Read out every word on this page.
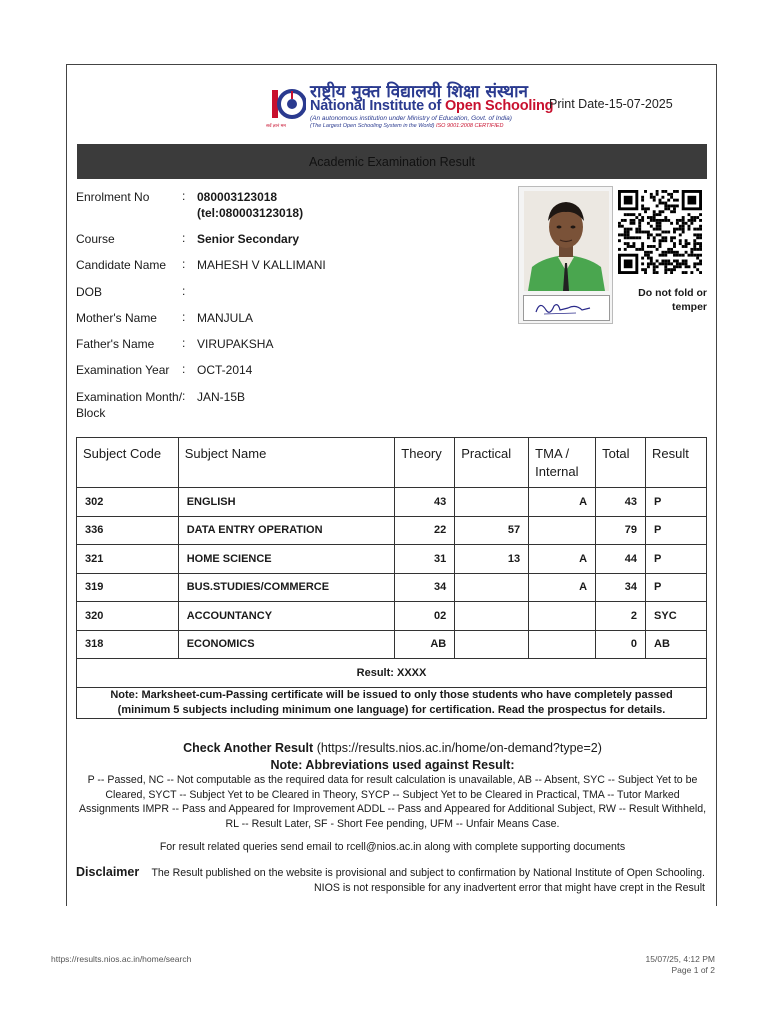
राष्ट्रीय मुक्त विद्यालयी शिक्षा संस्थान
National Institute of Open Schooling
(An autonomous institution under Ministry of Education, Govt. of India)
(The Largest Open Schooling System in the World) ISO 9001:2008 CERTIFIED
सर्वं ज्ञानं मम
Print Date-15-07-2025
Academic Examination Result
Enrolment No	: 080003123018
(tel:080003123018)
Course	: Senior Secondary
Candidate Name	: MAHESH V KALLIMANI
DOB	:
Mother's Name	: MANJULA
Father's Name	: VIRUPAKSHA
Examination Year	: OCT-2014
Examination Month/ Block
: JAN-15B
Do not fold or temper
Subject Code	Subject Name	Theory	Practical	TMA / Internal	Total	Result
302	ENGLISH	43		A	43	P
336	DATA ENTRY OPERATION	22	57		79	P
321	HOME SCIENCE	31	13	A	44	P
319	BUS.STUDIES/COMMERCE	34		A	34	P
320	ACCOUNTANCY	02			2	SYC
318	ECONOMICS	AB			0	AB
Result: XXXX						
Note: Marksheet-cum-Passing certificate will be issued to only those students who have completely passed (minimum 5 subjects including minimum one language) for certification. Read the prospectus for details.						
Check Another Result (https://results.nios.ac.in/home/on-demand?type=2)
Note: Abbreviations used against Result:
P -- Passed, NC -- Not computable as the required data for result calculation is unavailable, AB -- Absent, SYC -- Subject Yet to be Cleared, SYCT -- Subject Yet to be Cleared in Theory, SYCP -- Subject Yet to be Cleared in Practical, TMA -- Tutor Marked Assignments IMPR -- Pass and Appeared for Improvement ADDL -- Pass and Appeared for Additional Subject, RW -- Result Withheld, RL -- Result Later, SF - Short Fee pending, UFM -- Unfair Means Case.
For result related queries send email to rcell@nios.ac.in along with complete supporting documents
Disclaimer The Result published on the website is provisional and subject to confirmation by National Institute of Open Schooling. NIOS is not responsible for any inadvertent error that might have crept in the Result
https://results.nios.ac.in/home/search	15/07/25, 4:12 PM
Page 1 of 2
